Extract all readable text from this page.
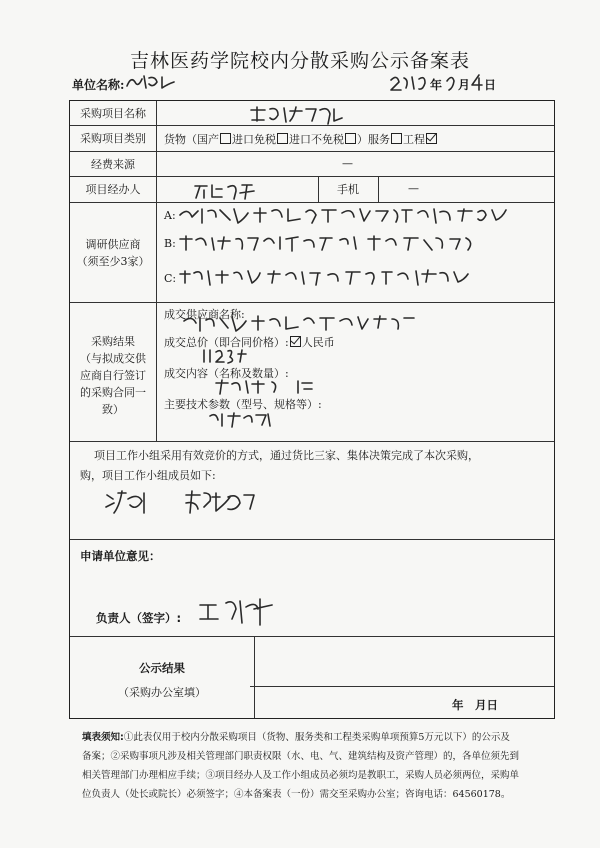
吉林医药学院校内分散采购公示备案表
单位名称:	年 月 日
采购项目名称
采购项目类别
经费来源
项目经办人
调研供应商
（须至少3家）
采购结果
（与拟成交供
应商自行签订
的采购合同一
致）
货物（国产 进口免税 进口不免税 ）服务 工程
—
手机	—
A:
B:
C:
成交供应商名称:
成交总价（即合同价格）: 人民币
成交内容（名称及数量）:
主要技术参数（型号、规格等）:
项目工作小组采用有效竞价的方式，通过货比三家、集体决策完成了本次采购，
购，项目工作小组成员如下:
申请单位意见：
负责人（签字）:
公示结果
（采购办公室填）
年　月日
填表须知:①此表仅用于校内分散采购项目（货物、服务类和工程类采购单项预算5万元以下）的公示及
备案；②采购事项凡涉及相关管理部门职责权限（水、电、气、建筑结构及资产管理）的，各单位须先到
相关管理部门办理相应手续；③项目经办人及工作小组成员必须均是教职工，采购人员必须两位，采购单
位负责人（处长或院长）必须签字；④本备案表（一份）需交至采购办公室；咨询电话：64560178。
